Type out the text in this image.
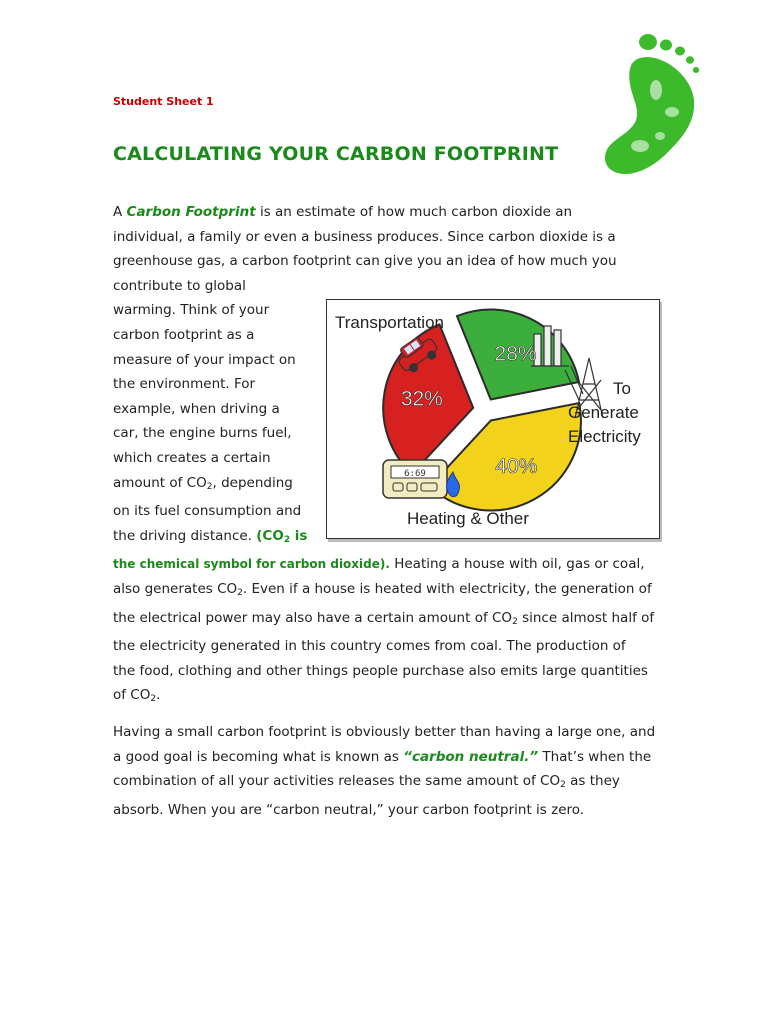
Student Sheet 1
CALCULATING YOUR CARBON FOOTPRINT
A Carbon Footprint is an estimate of how much carbon dioxide an
individual, a family or even a business produces. Since carbon dioxide is a
greenhouse gas, a carbon footprint can give you an idea of how much you
contribute to global
warming. Think of your
carbon footprint as a
measure of your impact on
the environment. For
example, when driving a
car, the engine burns fuel,
which creates a certain
amount of $CO_2$, depending
on its fuel consumption and
the driving distance. ($CO_2$ is
the chemical symbol for carbon dioxide). Heating a house with oil, gas or coal,
also generates $CO_2$. Even if a house is heated with electricity, the generation of
the electrical power may also have a certain amount of $CO_2$ since almost half of
the electricity generated in this country comes from coal. The production of
the food, clothing and other things people purchase also emits large quantities
of $CO_2$.
Having a small carbon footprint is obviously better than having a large one, and
a good goal is becoming what is known as “carbon neutral.” That’s when the
combination of all your activities releases the same amount of $CO_2$ as they
absorb. When you are “carbon neutral,” your carbon footprint is zero.
6:69
Transportation
To
Generate
Electricity
Heating & Other
28%
40%
32%
